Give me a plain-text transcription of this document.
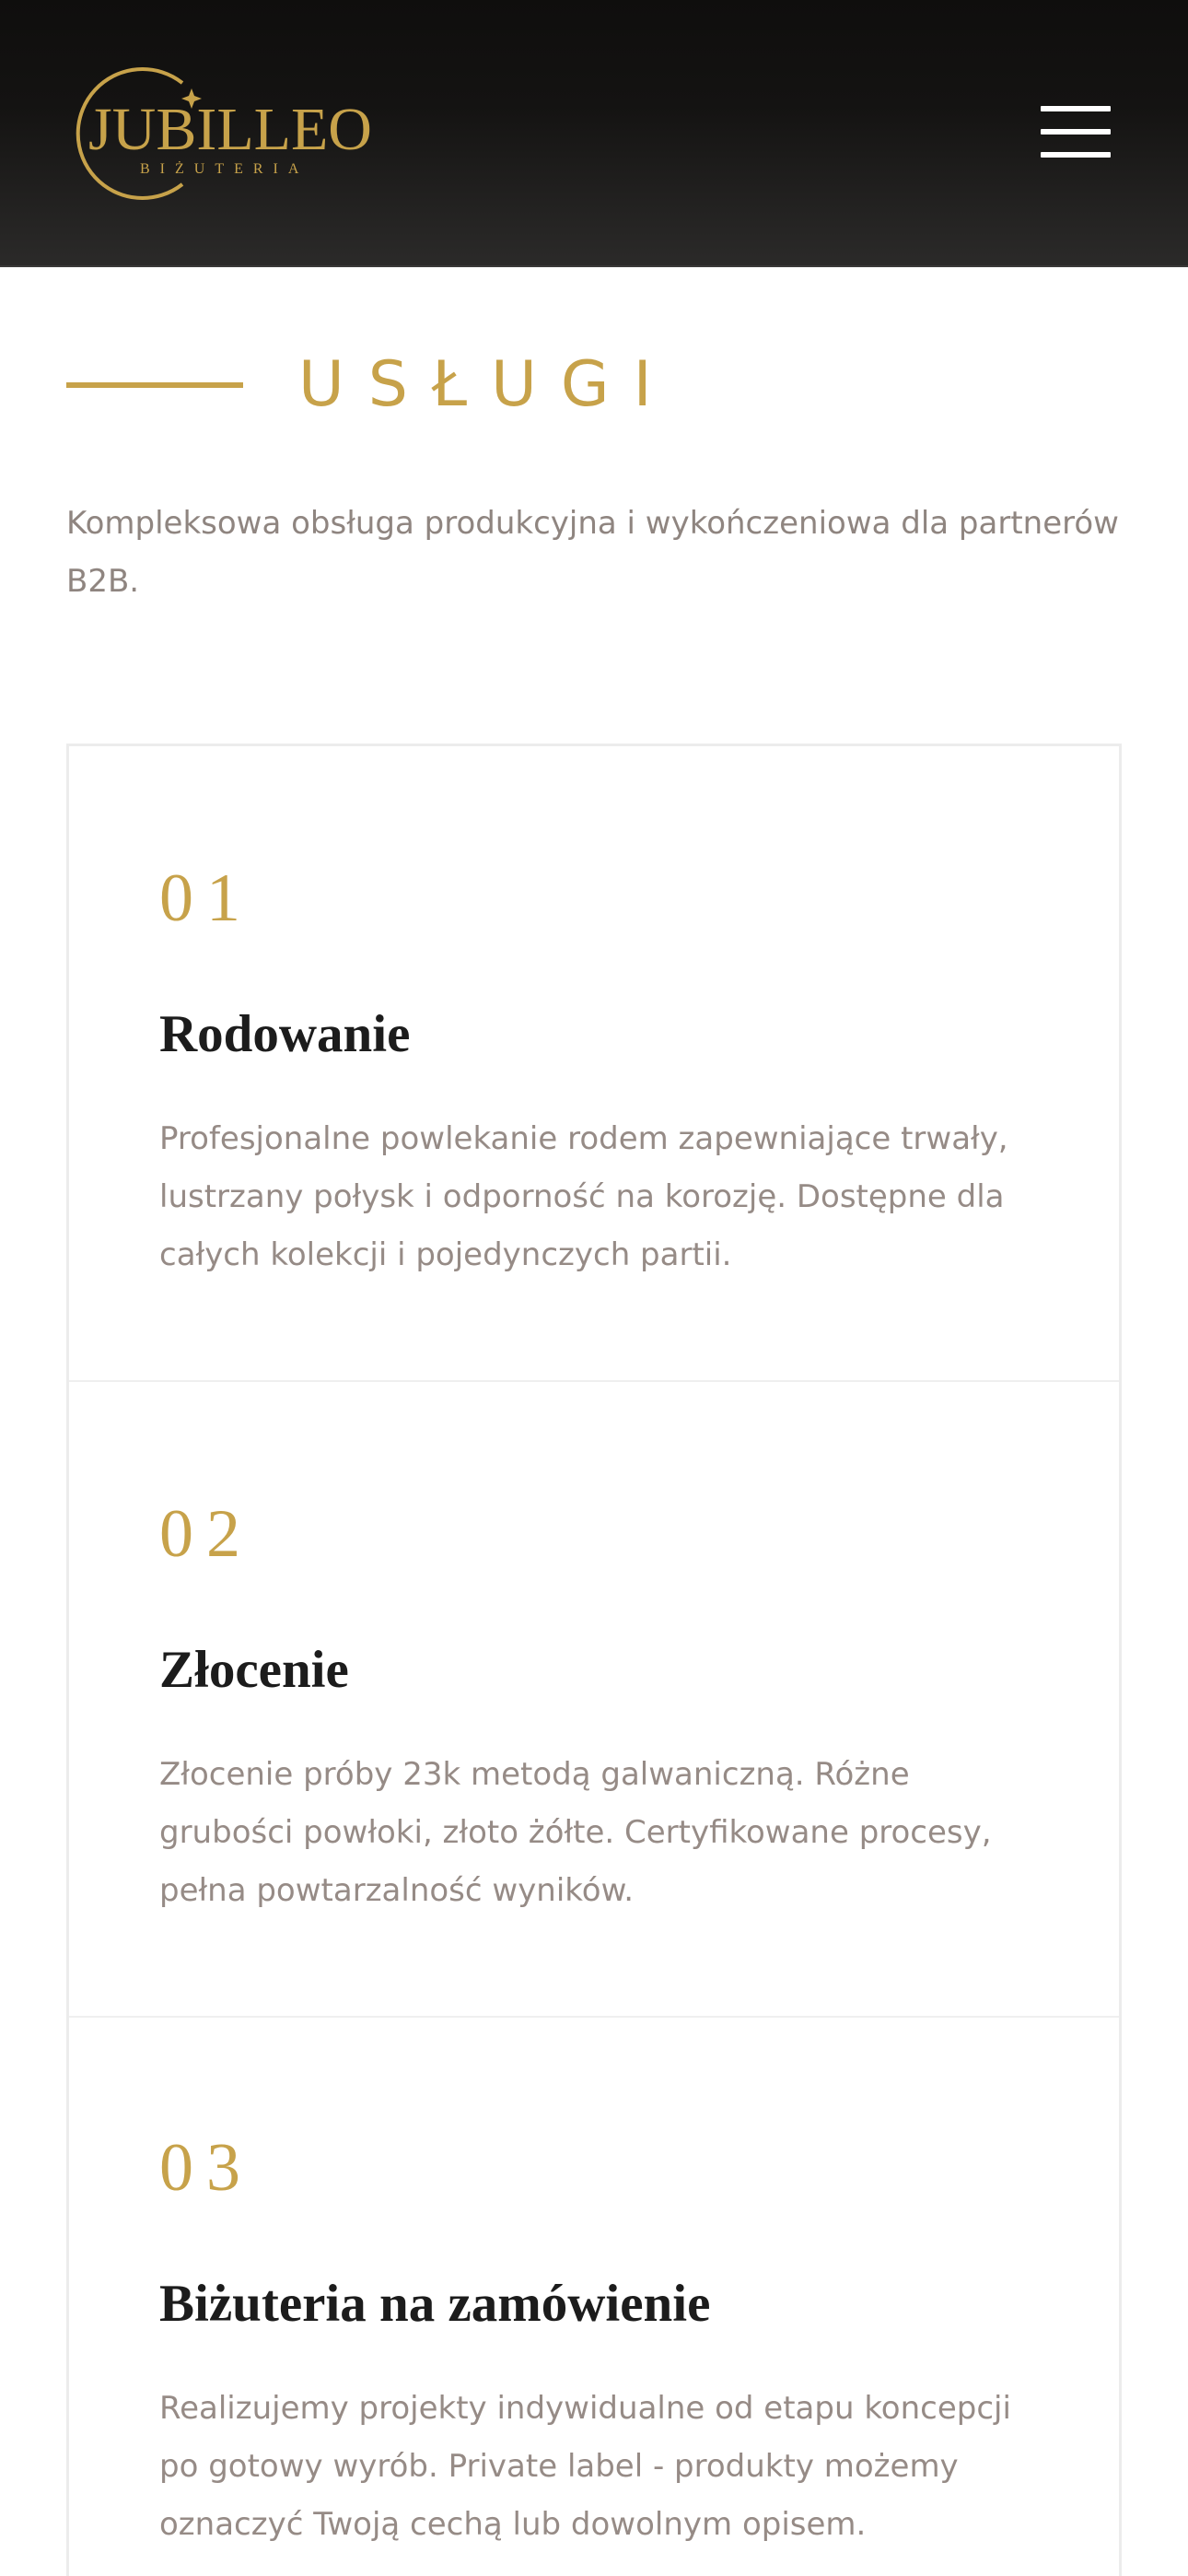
JUBILLEO
BIŻUTERIA
USŁUGI

Kompleksowa obsługa produkcyjna i wykończeniowa dla partnerów B2B.

01
Rodowanie

Profesjonalne powlekanie rodem zapewniające trwały, lustrzany połysk i odporność na korozję. Dostępne dla całych kolekcji i pojedynczych partii.

02
Złocenie

Złocenie próby 23k metodą galwaniczną. Różne grubości powłoki, złoto żółte. Certyfikowane procesy, pełna powtarzalność wyników.

03
Biżuteria na zamówienie

Realizujemy projekty indywidualne od etapu koncepcji po gotowy wyrób. Private label - produkty możemy oznaczyć Twoją cechą lub dowolnym opisem.
